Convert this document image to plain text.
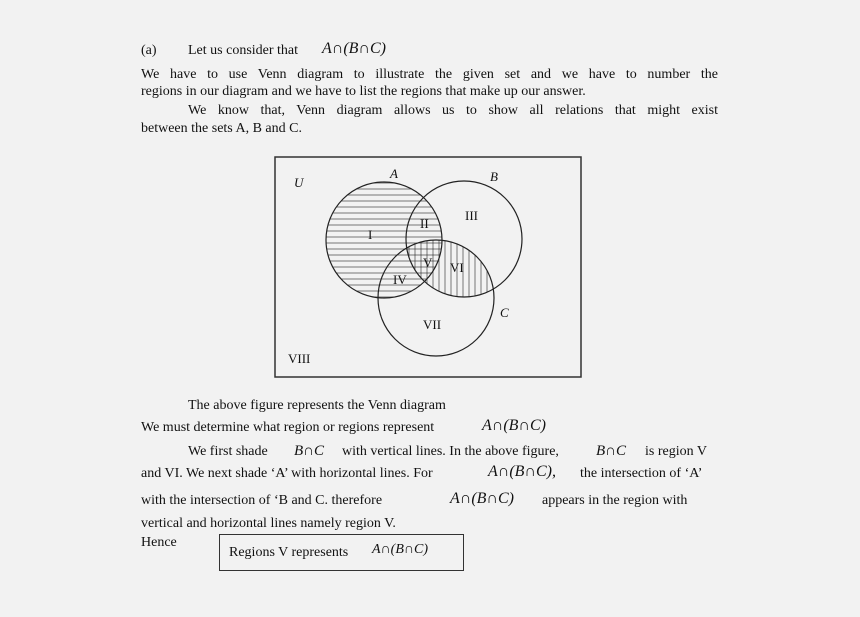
(a) Let us consider that A∩(B∩C)
We have to use Venn diagram to illustrate the given set and we have to number the
regions in our diagram and we have to list the regions that make up our answer.
We know that, Venn diagram allows us to show all relations that might exist
between the sets A, B and C.
U
A	B
C
I
II
III
IV
V VI
VII
VIII
The above figure represents the Venn diagram
We must determine what region or regions represent	A∩(B∩C)
We first shade B∩C with vertical lines. In the above figure, B∩C is region V
and VI. We next shade ‘A’ with horizontal lines. For	A∩(B∩C), the intersection of ‘A’
with the intersection of ‘B and C. therefore	A∩(B∩C) appears in the region with
vertical and horizontal lines namely region V.
Hence
Regions V represents A∩(B∩C)
